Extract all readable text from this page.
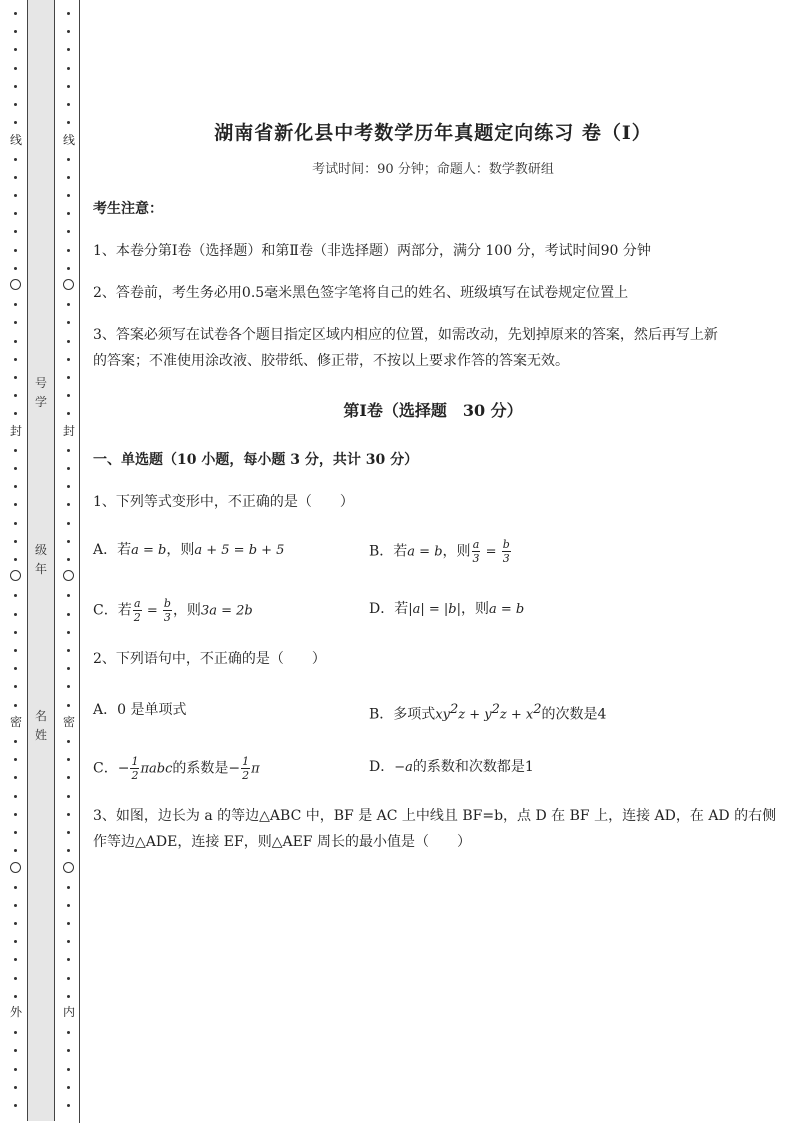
号
学
级
年
名
姓
线
封
密
外
线
封
密
内
湖南省新化县中考数学历年真题定向练习 卷（Ⅰ）
考试时间：90 分钟；命题人：数学教研组
考生注意：
1、本卷分第Ⅰ卷（选择题）和第Ⅱ卷（非选择题）两部分，满分 100 分，考试时间90 分钟
2、答卷前，考生务必用0.5毫米黑色签字笔将自己的姓名、班级填写在试卷规定位置上
3、答案必须写在试卷各个题目指定区域内相应的位置，如需改动，先划掉原来的答案，然后再写上新
的答案；不准使用涂改液、胶带纸、修正带，不按以上要求作答的答案无效。
第Ⅰ卷（选择题　30 分）
一、单选题（10 小题，每小题 3 分，共计 30 分）
1、下列等式变形中，不正确的是（　　）
A．若a = b，则a + 5 = b + 5	B．若a = b，则 $\frac{a}{3} = \frac{b}{3}$
C．若 $\frac{a}{2} = \frac{b}{3}$ ，则3a = 2b	D．若|a| = |b|，则a = b
2、下列语句中，不正确的是（　　）
A．0 是单项式	B．多项式$xy^2z + y^2z + x^2$的次数是4
C．− $\frac{1}{2}$ πabc的系数是− $\frac{1}{2}$ π	D．−a的系数和次数都是1
3、如图，边长为 a 的等边△ABC 中，BF 是 AC 上中线且 BF=b，点 D 在 BF 上，连接 AD，在 AD 的右侧
作等边△ADE，连接 EF，则△AEF 周长的最小值是（　　）
